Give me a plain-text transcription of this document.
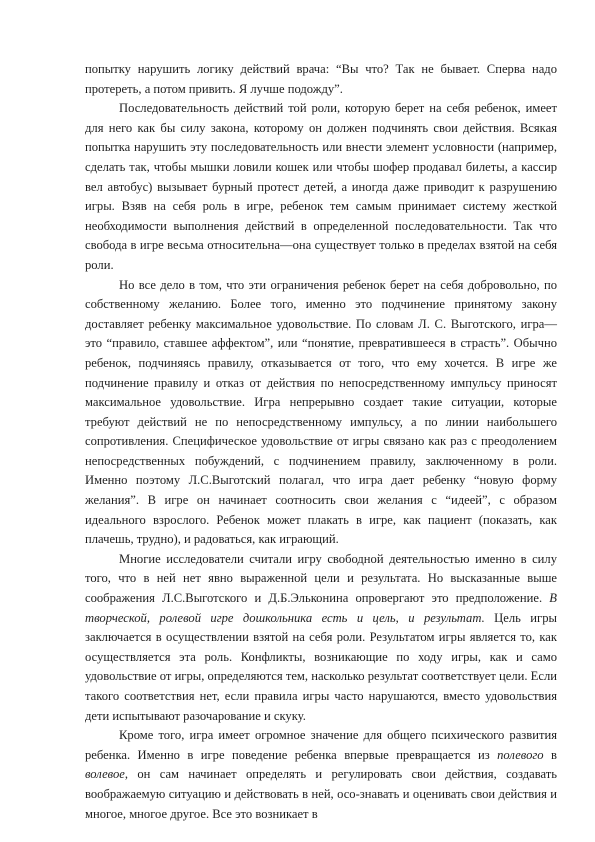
попытку нарушить логику действий врача: “Вы что? Так не бывает. Сперва надо протереть, а потом привить. Я лучше подожду”.

Последовательность действий той роли, которую берет на себя ребенок, имеет для него как бы силу закона, которому он должен подчинять свои действия. Всякая попытка нарушить эту последовательность или внести элемент условности (например, сделать так, чтобы мышки ловили кошек или чтобы шофер продавал билеты, а кассир вел автобус) вызывает бурный протест детей, а иногда даже приводит к разрушению игры. Взяв на себя роль в игре, ребенок тем самым принимает систему жесткой необходимости выполнения действий в определенной последовательности. Так что свобода в игре весьма относительна—она существует только в пределах взятой на себя роли.

Но все дело в том, что эти ограничения ребенок берет на себя добровольно, по собственному желанию. Более того, именно это подчинение принятому закону доставляет ребенку максимальное удовольствие. По словам Л. С. Выготского, игра—это “правило, ставшее аффектом”, или “понятие, превратившееся в страсть”. Обычно ребенок, подчиняясь правилу, отказывается от того, что ему хочется. В игре же подчинение правилу и отказ от действия по непосредственному импульсу приносят максимальное удовольствие. Игра непрерывно создает такие ситуации, которые требуют действий не по непосредственному импульсу, а по линии наибольшего сопротивления. Специфическое удовольствие от игры связано как раз с преодолением непосредственных побуждений, с подчинением правилу, заключенному в роли. Именно поэтому Л.С.Выготский полагал, что игра дает ребенку “новую форму желания”. В игре он начинает соотносить свои желания с “идеей”, с образом идеального взрослого. Ребенок может плакать в игре, как пациент (показать, как плачешь, трудно), и радоваться, как играющий.

Многие исследователи считали игру свободной деятельностью именно в силу того, что в ней нет явно выраженной цели и результата. Но высказанные выше соображения Л.С.Выготского и Д.Б.Эльконина опровергают это предположение. В творческой, ролевой игре дошкольника есть и цель, и результат. Цель игры заключается в осуществлении взятой на себя роли. Результатом игры является то, как осуществляется эта роль. Конфликты, возникающие по ходу игры, как и само удовольствие от игры, определяются тем, насколько результат соответствует цели. Если такого соответствия нет, если правила игры часто нарушаются, вместо удовольствия дети испытывают разочарование и скуку.

Кроме того, игра имеет огромное значение для общего психического развития ребенка. Именно в игре поведение ребенка впервые превращается из полевого в волевое, он сам начинает определять и регулировать свои действия, создавать воображаемую ситуацию и действовать в ней, осо-знавать и оценивать свои действия и многое, многое другое. Все это возникает в
